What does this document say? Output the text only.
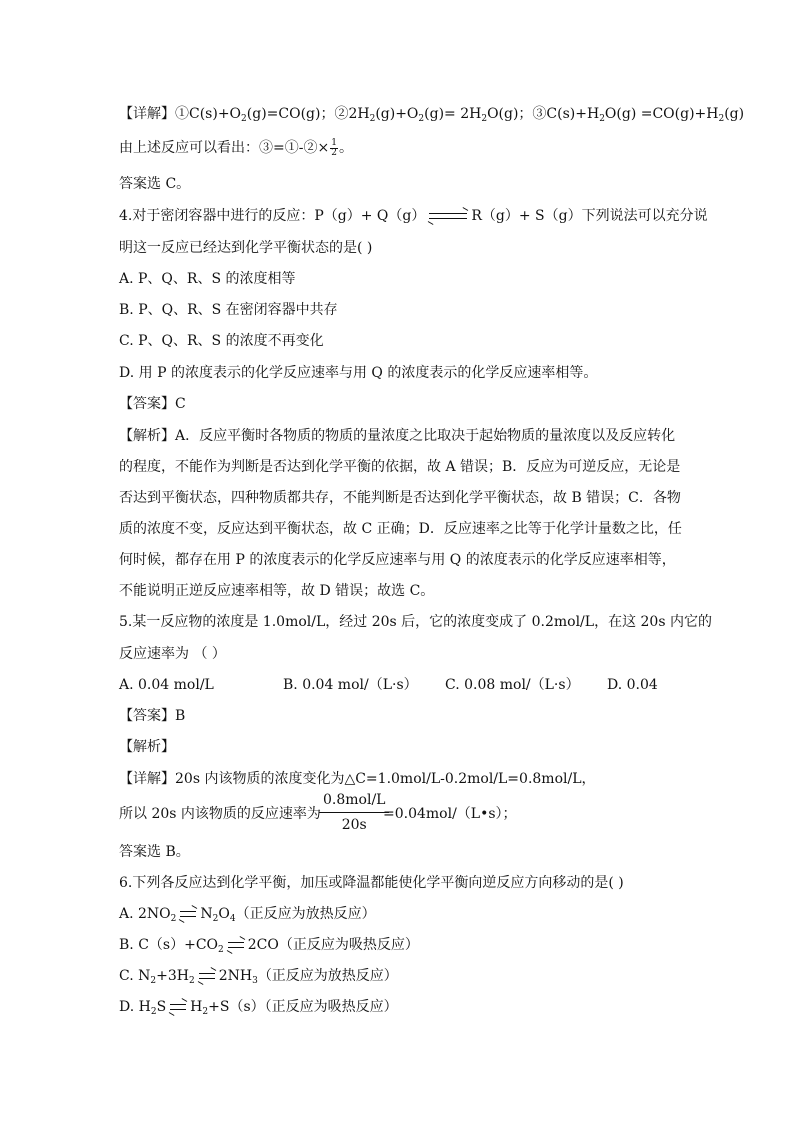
【详解】$①C(s)+O_2(g)=CO(g)$；$②2H_2(g)+O_2(g)= 2H_2O(g)$；$③C(s)+H_2O(g) =CO(g)+H_2(g)$
由上述反应可以看出：③=①-②× $\frac{1}{2}$ 。
答案选 C。
4.对于密闭容器中进行的反应：P（g）+ Q（g）	R（g）+ S（g）下列说法可以充分说
明这一反应已经达到化学平衡状态的是( )
A. P、Q、R、S 的浓度相等
B. P、Q、R、S 在密闭容器中共存
C. P、Q、R、S 的浓度不再变化
D. 用 P 的浓度表示的化学反应速率与用 Q 的浓度表示的化学反应速率相等。
【答案】C
【解析】A．反应平衡时各物质的物质的量浓度之比取决于起始物质的量浓度以及反应转化
的程度，不能作为判断是否达到化学平衡的依据，故 A 错误；B．反应为可逆反应，无论是
否达到平衡状态，四种物质都共存，不能判断是否达到化学平衡状态，故 B 错误；C．各物
质的浓度不变，反应达到平衡状态，故 C 正确；D．反应速率之比等于化学计量数之比，任
何时候，都存在用 P 的浓度表示的化学反应速率与用 Q 的浓度表示的化学反应速率相等，
不能说明正逆反应速率相等，故 D 错误；故选 C。
5.某一反应物的浓度是 1.0mol/L，经过 20s 后，它的浓度变成了 0.2mol/L，在这 20s 内它的
反应速率为 （ ）
A. 0.04 mol/L	B. 0.04 mol/（L·s） C. 0.08 mol/（L·s） D. 0.04
【答案】B
【解析】
【详解】20s 内该物质的浓度变化为△C=1.0mol/L-0.2mol/L=0.8mol/L，
所以 20s 内该物质的反应速率为
0.8mol/L
20s
=0.04mol/（L•s）；
答案选 B。
6.下列各反应达到化学平衡，加压或降温都能使化学平衡向逆反应方向移动的是( )
A. $2NO_2$ $N_2O_4$（正反应为放热反应）
B. $C(s)+CO_2$ 2CO（正反应为吸热反应）
C. $N_2+3H_2$ $2NH_3$（正反应为放热反应）
D. $H_2S$ $H_2+S(s)$（正反应为吸热反应）
